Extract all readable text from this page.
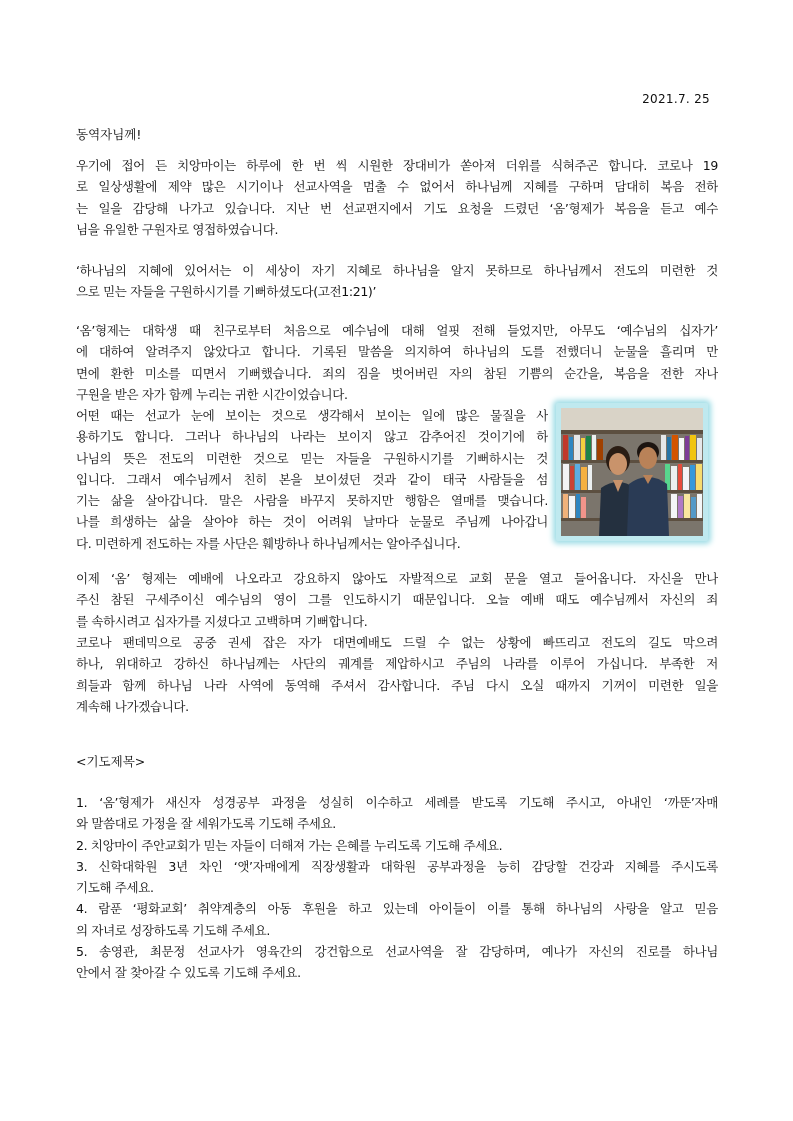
2021.7. 25
동역자님께!
우기에 접어 든 치앙마이는 하루에 한 번 씩 시원한 장대비가 쏟아져 더위를 식혀주곤 합니다. 코로나 19
로 일상생활에 제약 많은 시기이나 선교사역을 멈출 수 없어서 하나님께 지혜를 구하며 담대히 복음 전하
는 일을 감당해 나가고 있습니다. 지난 번 선교편지에서 기도 요청을 드렸던 ‘옴’형제가 복음을 듣고 예수
님을 유일한 구원자로 영접하였습니다.
‘하나님의 지혜에 있어서는 이 세상이 자기 지혜로 하나님을 알지 못하므로 하나님께서 전도의 미련한 것
으로 믿는 자들을 구원하시기를 기뻐하셨도다(고전1:21)’
‘옴’형제는 대학생 때 친구로부터 처음으로 예수님에 대해 얼핏 전해 들었지만, 아무도 ‘예수님의 십자가’
에 대하여 알려주지 않았다고 합니다. 기록된 말씀을 의지하여 하나님의 도를 전했더니 눈물을 흘리며 만
면에 환한 미소를 띠면서 기뻐했습니다. 죄의 짐을 벗어버린 자의 참된 기쁨의 순간을, 복음을 전한 자나
구원을 받은 자가 함께 누리는 귀한 시간이었습니다.
어떤 때는 선교가 눈에 보이는 것으로 생각해서 보이는 일에 많은 물질을 사
용하기도 합니다. 그러나 하나님의 나라는 보이지 않고 감추어진 것이기에 하
나님의 뜻은 전도의 미련한 것으로 믿는 자들을 구원하시기를 기뻐하시는 것
입니다. 그래서 예수님께서 친히 본을 보이셨던 것과 같이 태국 사람들을 섬
기는 삶을 살아갑니다. 말은 사람을 바꾸지 못하지만 행함은 열매를 맺습니다.
나를 희생하는 삶을 살아야 하는 것이 어려워 날마다 눈물로 주님께 나아갑니
다. 미련하게 전도하는 자를 사단은 훼방하나 하나님께서는 알아주십니다.
이제 ‘옴’ 형제는 예배에 나오라고 강요하지 않아도 자발적으로 교회 문을 열고 들어옵니다. 자신을 만나
주신 참된 구세주이신 예수님의 영이 그를 인도하시기 때문입니다. 오늘 예배 때도 예수님께서 자신의 죄
를 속하시려고 십자가를 지셨다고 고백하며 기뻐합니다.
코로나 팬데믹으로 공중 권세 잡은 자가 대면예배도 드릴 수 없는 상황에 빠뜨리고 전도의 길도 막으려
하나, 위대하고 강하신 하나님께는 사단의 궤계를 제압하시고 주님의 나라를 이루어 가십니다. 부족한 저
희들과 함께 하나님 나라 사역에 동역해 주셔서 감사합니다. 주님 다시 오실 때까지 기꺼이 미련한 일을
계속해 나가겠습니다.
<기도제목>
1. ‘옴’형제가 새신자 성경공부 과정을 성실히 이수하고 세례를 받도록 기도해 주시고, 아내인 ‘까뚠’자매
와 말씀대로 가정을 잘 세워가도록 기도해 주세요.
2. 치앙마이 주안교회가 믿는 자들이 더해져 가는 은혜를 누리도록 기도해 주세요.
3. 신학대학원 3년 차인 ‘앳’자매에게 직장생활과 대학원 공부과정을 능히 감당할 건강과 지혜를 주시도록
기도해 주세요.
4. 람푼 ‘평화교회’ 취약계층의 아동 후원을 하고 있는데 아이들이 이를 통해 하나님의 사랑을 알고 믿음
의 자녀로 성장하도록 기도해 주세요.
5. 송영관, 최문정 선교사가 영육간의 강건함으로 선교사역을 잘 감당하며, 예나가 자신의 진로를 하나님
안에서 잘 찾아갈 수 있도록 기도해 주세요.
